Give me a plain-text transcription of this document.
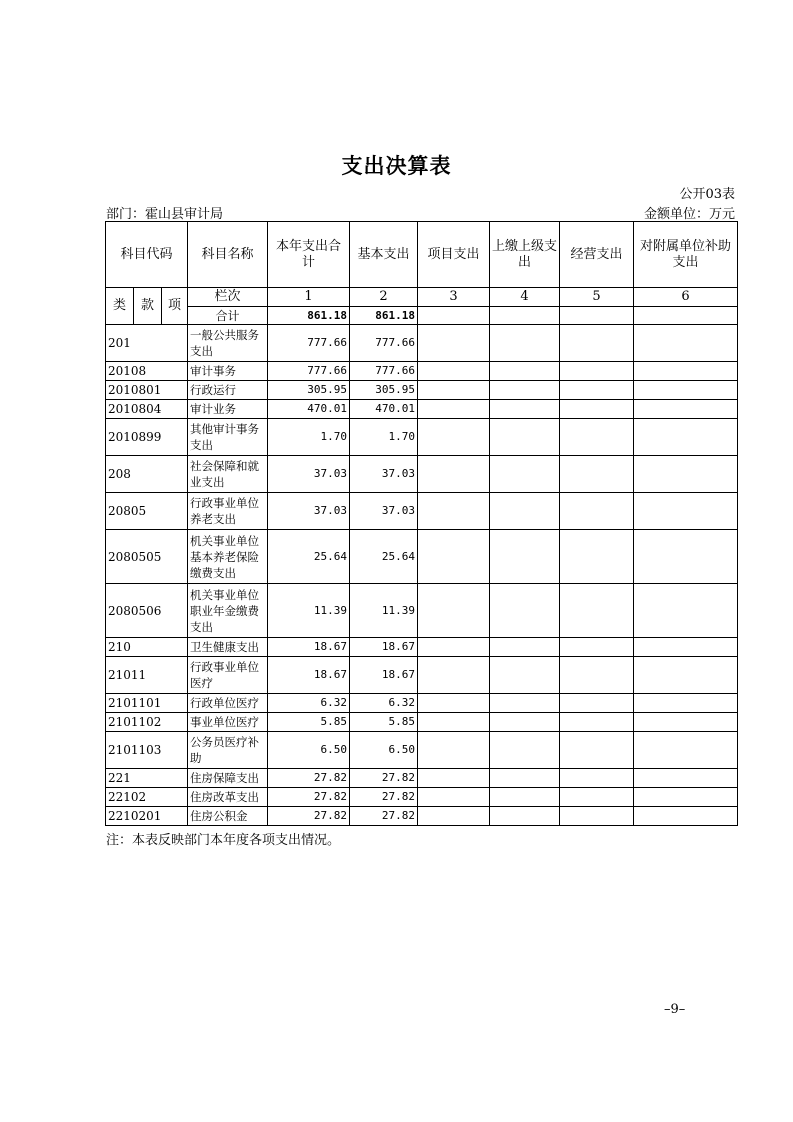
支出决算表
公开03表
部门：霍山县审计局	金额单位：万元
科目代码			科目名称	本年支出合计	基本支出	项目支出	上缴上级支出	经营支出	对附属单位补助支出
类	款	项	栏次	1	2	3	4	5	6
			合计	861.18	861.18				
201			一般公共服务支出	777.66	777.66				
20108			审计事务	777.66	777.66				
2010801			行政运行	305.95	305.95				
2010804			审计业务	470.01	470.01				
2010899			其他审计事务支出	1.70	1.70				
208			社会保障和就业支出	37.03	37.03				
20805			行政事业单位养老支出	37.03	37.03				
2080505			机关事业单位基本养老保险缴费支出	25.64	25.64				
2080506			机关事业单位职业年金缴费支出	11.39	11.39				
210			卫生健康支出	18.67	18.67				
21011			行政事业单位医疗	18.67	18.67				
2101101			行政单位医疗	6.32	6.32				
2101102			事业单位医疗	5.85	5.85				
2101103			公务员医疗补助	6.50	6.50				
221			住房保障支出	27.82	27.82				
22102			住房改革支出	27.82	27.82				
2210201			住房公积金	27.82	27.82				
注：本表反映部门本年度各项支出情况。
–9–
